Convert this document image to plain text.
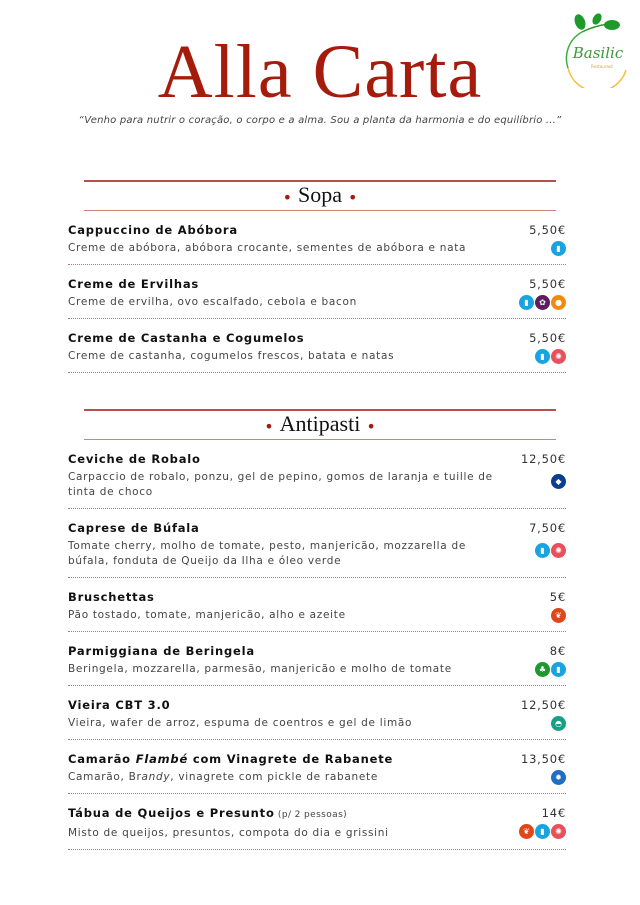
Basilic
Restaurant
Alla Carta
“Venho para nutrir o coração, o corpo e a alma. Sou a planta da harmonia e do equilíbrio ...”
• Sopa •
Cappuccino de Abóbora
Creme de abóbora, abóbora crocante, sementes de abóbora e nata
5,50€
▮
Creme de Ervilhas
Creme de ervilha, ovo escalfado, cebola e bacon
5,50€
▮	✿	●
Creme de Castanha e Cogumelos
Creme de castanha, cogumelos frescos, batata e natas
5,50€
▮	✺
• Antipasti •
Ceviche de Robalo
Carpaccio de robalo, ponzu, gel de pepino, gomos de laranja e tuille de tinta de choco
12,50€
◆
Caprese de Búfala
Tomate cherry, molho de tomate, pesto, manjericão, mozzarella de búfala, fonduta de Queijo da Ilha e óleo verde
7,50€
▮	✺
Bruschettas
Pão tostado, tomate, manjericão, alho e azeite
5€
❦
Parmiggiana de Beringela
Beringela, mozzarella, parmesão, manjericão e molho de tomate
8€
♣	▮
Vieira CBT 3.0
Vieira, wafer de arroz, espuma de coentros e gel de limão
12,50€
◓
Camarão Flambé com Vinagrete de Rabanete
Camarão, Brandy, vinagrete com pickle de rabanete
13,50€
✹
Tábua de Queijos e Presunto (p/ 2 pessoas)
Misto de queijos, presuntos, compota do dia e grissini
14€
❦	▮	✺
